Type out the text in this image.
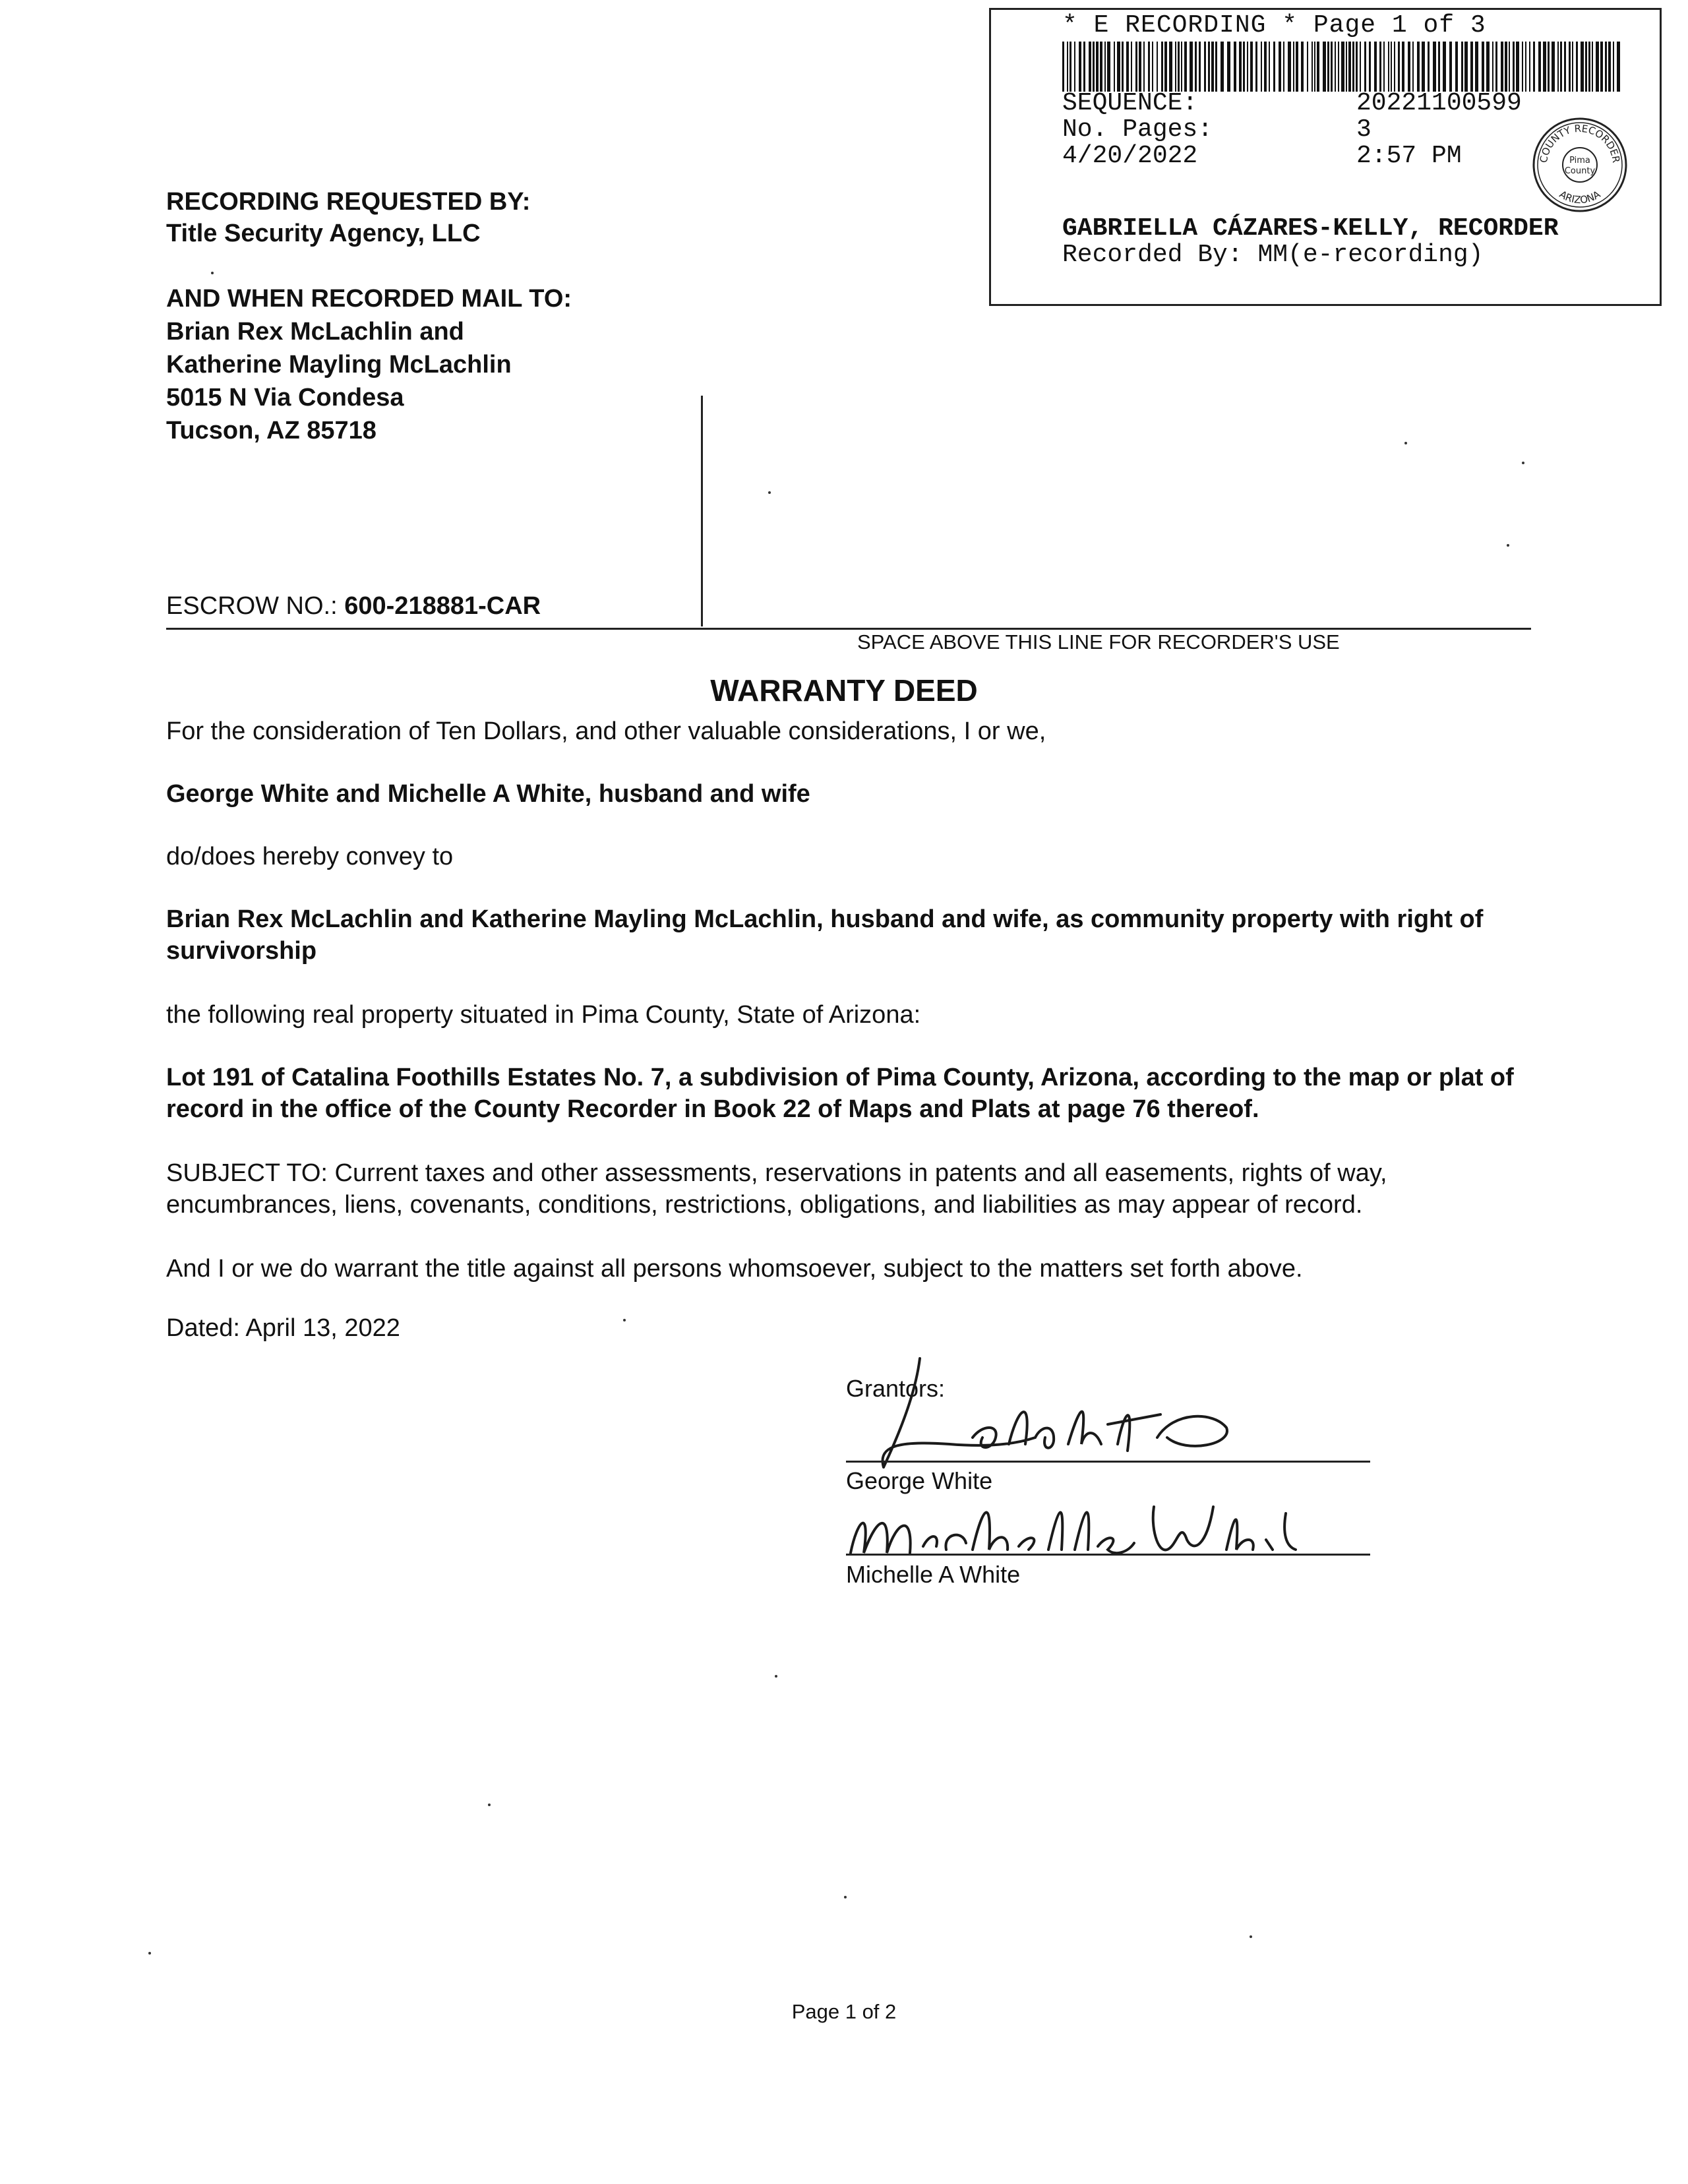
* E RECORDING * Page 1 of 3
SEQUENCE:	20221100599
No. Pages:	3
4/20/2022	2:57 PM	COUNTY RECORDER
ARIZONA
Pima
County
GABRIELLA CÁZARES-KELLY, RECORDER
Recorded By: MM(e-recording)
RECORDING REQUESTED BY:
Title Security Agency, LLC
AND WHEN RECORDED MAIL TO:
Brian Rex McLachlin and
Katherine Mayling McLachlin
5015 N Via Condesa
Tucson, AZ 85718
ESCROW NO.: 600-218881-CAR
SPACE ABOVE THIS LINE FOR RECORDER'S USE
WARRANTY DEED
For the consideration of Ten Dollars, and other valuable considerations, I or we,
George White and Michelle A White, husband and wife
do/does hereby convey to
Brian Rex McLachlin and Katherine Mayling McLachlin, husband and wife, as community property with right of survivorship
the following real property situated in Pima County, State of Arizona:
Lot 191 of Catalina Foothills Estates No. 7, a subdivision of Pima County, Arizona, according to the map or plat of record in the office of the County Recorder in Book 22 of Maps and Plats at page 76 thereof.
SUBJECT TO: Current taxes and other assessments, reservations in patents and all easements, rights of way, encumbrances, liens, covenants, conditions, restrictions, obligations, and liabilities as may appear of record.
And I or we do warrant the title against all persons whomsoever, subject to the matters set forth above.
Dated: April 13, 2022
Grantors:
George White
Michelle A White
Page 1 of 2
